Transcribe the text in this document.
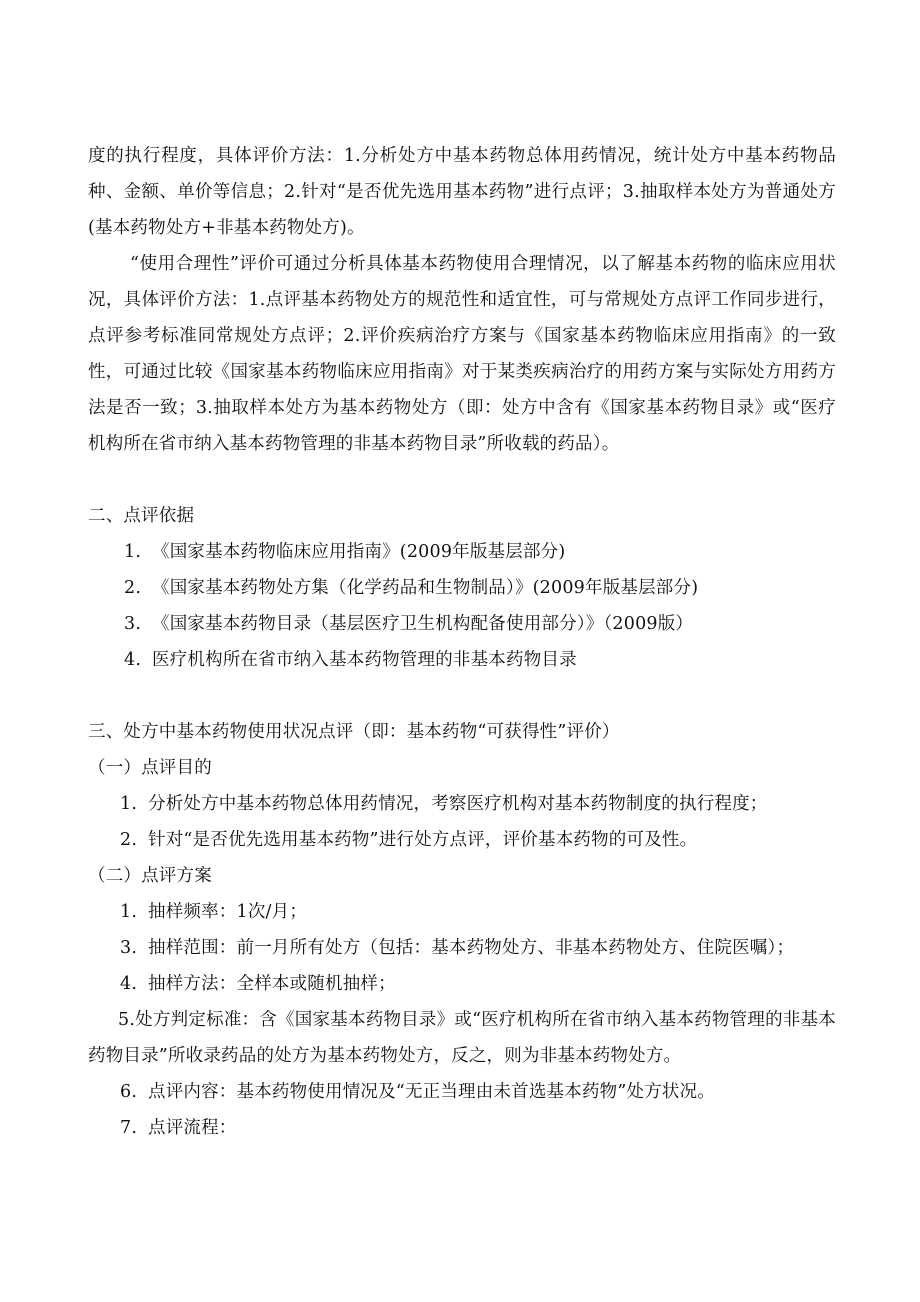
度的执行程度，具体评价方法：1.分析处方中基本药物总体用药情况，统计处方中基本药物品种、金额、单价等信息；2.针对“是否优先选用基本药物”进行点评；3.抽取样本处方为普通处方(基本药物处方+非基本药物处方)。

“使用合理性”评价可通过分析具体基本药物使用合理情况，以了解基本药物的临床应用状况，具体评价方法：1.点评基本药物处方的规范性和适宜性，可与常规处方点评工作同步进行，点评参考标准同常规处方点评；2.评价疾病治疗方案与《国家基本药物临床应用指南》的一致性，可通过比较《国家基本药物临床应用指南》对于某类疾病治疗的用药方案与实际处方用药方法是否一致；3.抽取样本处方为基本药物处方（即：处方中含有《国家基本药物目录》或“医疗机构所在省市纳入基本药物管理的非基本药物目录”所收载的药品）。

二、点评依据
1. 《国家基本药物临床应用指南》(2009年版基层部分)
2. 《国家基本药物处方集（化学药品和生物制品）》(2009年版基层部分)
3. 《国家基本药物目录（基层医疗卫生机构配备使用部分）》（2009版）
4. 医疗机构所在省市纳入基本药物管理的非基本药物目录
三、处方中基本药物使用状况点评（即：基本药物“可获得性”评价）
（一）点评目的
1. 分析处方中基本药物总体用药情况，考察医疗机构对基本药物制度的执行程度；
2. 针对“是否优先选用基本药物”进行处方点评，评价基本药物的可及性。
（二）点评方案
1. 抽样频率：1次/月；
3. 抽样范围：前一月所有处方（包括：基本药物处方、非基本药物处方、住院医嘱）；
4. 抽样方法：全样本或随机抽样；

5.处方判定标准：含《国家基本药物目录》或“医疗机构所在省市纳入基本药物管理的非基本药物目录”所收录药品的处方为基本药物处方，反之，则为非基本药物处方。

6. 点评内容：基本药物使用情况及“无正当理由未首选基本药物”处方状况。
7. 点评流程：
